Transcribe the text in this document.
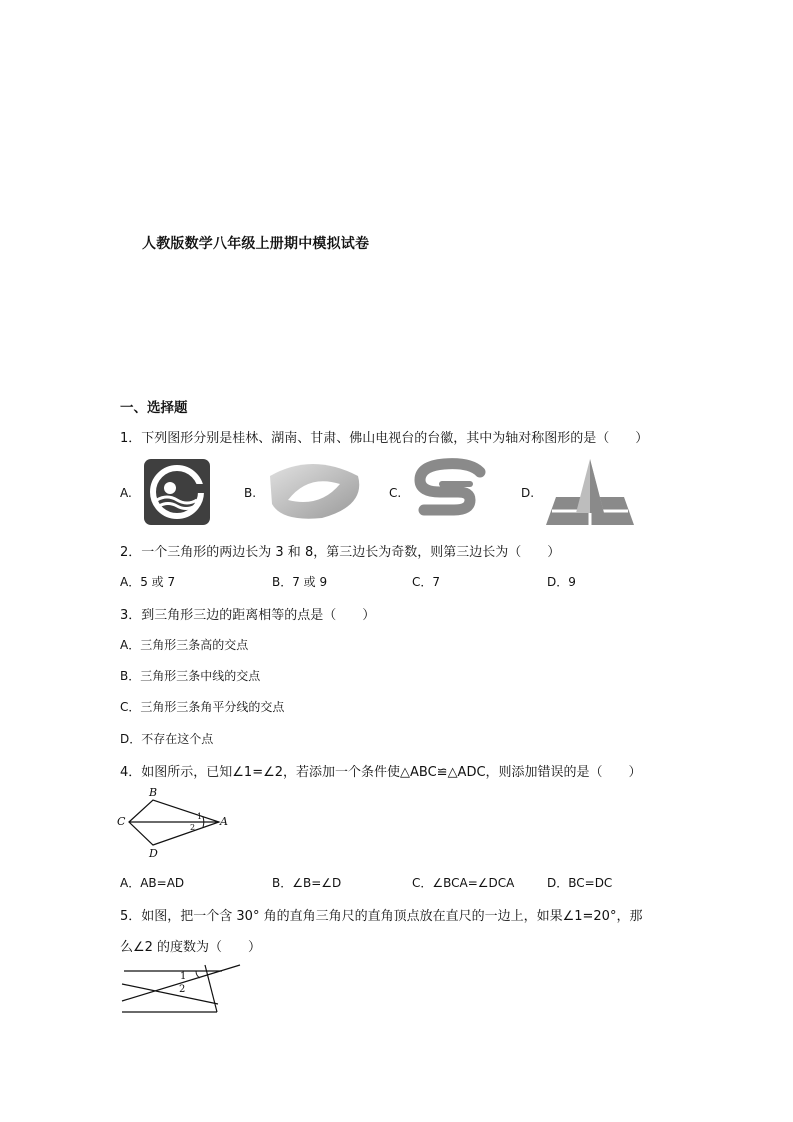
人教版数学八年级上册期中模拟试卷
一、选择题
1．下列图形分别是桂林、湖南、甘肃、佛山电视台的台徽，其中为轴对称图形的是（　　）
A.	B.	C.	D.
2．一个三角形的两边长为 3 和 8，第三边长为奇数，则第三边长为（　　）
A．5 或 7	B．7 或 9	C．7	D．9
3．到三角形三边的距离相等的点是（　　）
A．三角形三条高的交点
B．三角形三条中线的交点
C．三角形三条角平分线的交点
D．不存在这个点
4．如图所示，已知∠1=∠2，若添加一个条件使△ABC≌△ADC，则添加错误的是（　　）
B
C	A
D
1
2
A．AB=AD	B．∠B=∠D	C．∠BCA=∠DCA	D．BC=DC
5．如图，把一个含 30° 角的直角三角尺的直角顶点放在直尺的一边上，如果∠1=20°，那
么∠2 的度数为（　　）
1
2
